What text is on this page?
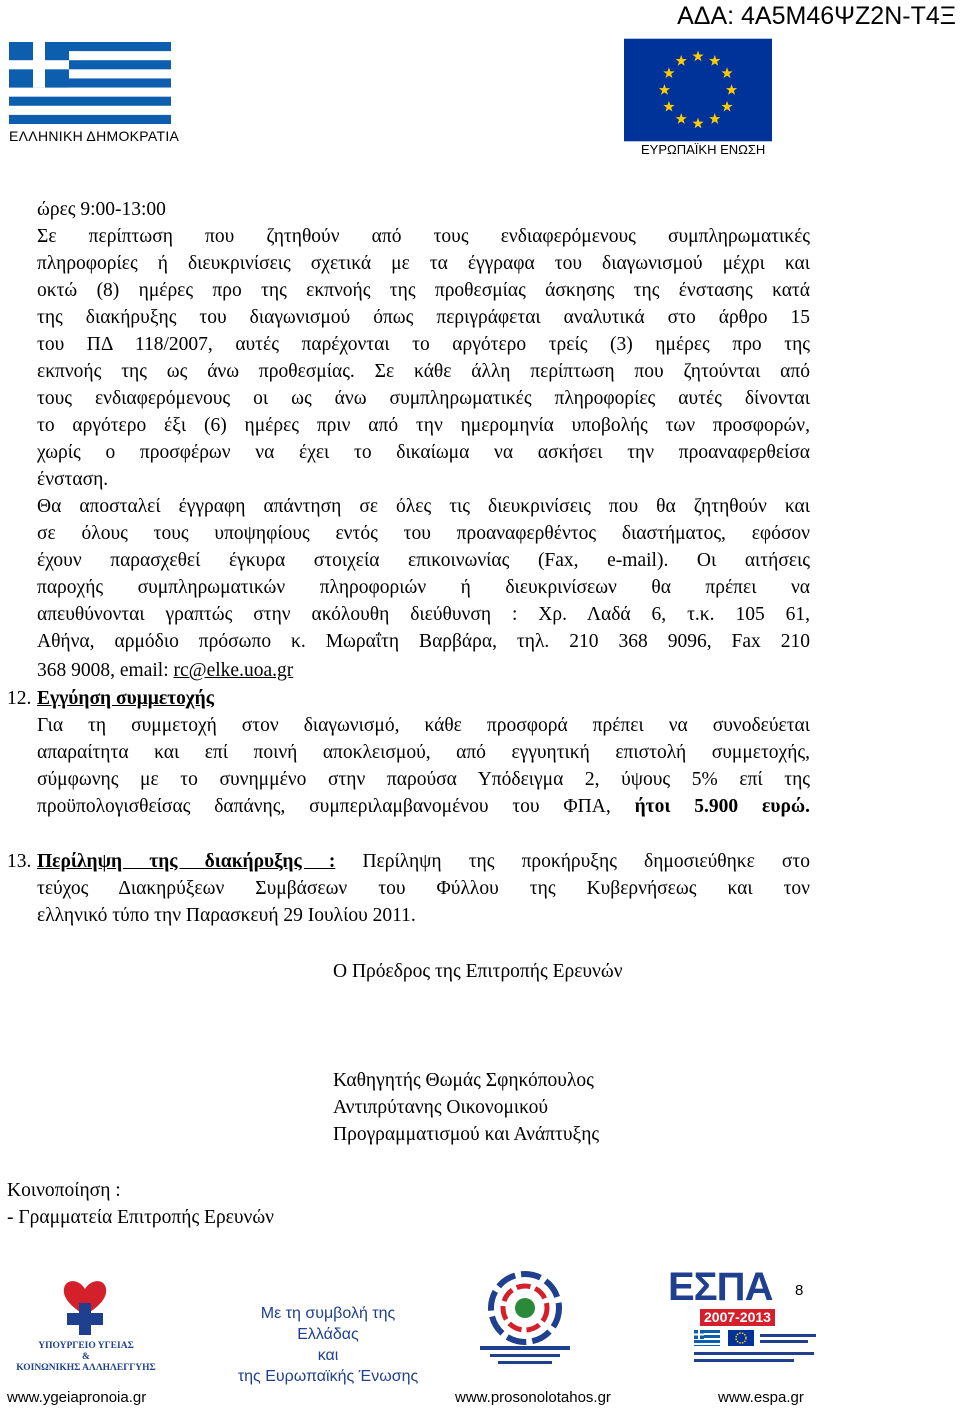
ΑΔΑ: 4Α5Μ46ΨΖ2Ν-Τ4Ξ
ΕΛΛΗΝΙΚΗ ΔΗΜΟΚΡΑΤΙΑ
ΕΥΡΩΠΑΪΚΗ ΕΝΩΣΗ
ώρες 9:00-13:00
Σε περίπτωση που ζητηθούν από τους ενδιαφερόμενους συμπληρωματικές
πληροφορίες ή διευκρινίσεις σχετικά με τα έγγραφα του διαγωνισμού μέχρι και
οκτώ (8) ημέρες προ της εκπνοής της προθεσμίας άσκησης της ένστασης κατά
της διακήρυξης του διαγωνισμού όπως περιγράφεται αναλυτικά στο άρθρο 15
του ΠΔ 118/2007, αυτές παρέχονται το αργότερο τρείς (3) ημέρες προ της
εκπνοής της ως άνω προθεσμίας. Σε κάθε άλλη περίπτωση που ζητούνται από
τους ενδιαφερόμενους οι ως άνω συμπληρωματικές πληροφορίες αυτές δίνονται
το αργότερο έξι (6) ημέρες πριν από την ημερομηνία υποβολής των προσφορών,
χωρίς ο προσφέρων να έχει το δικαίωμα να ασκήσει την προαναφερθείσα
ένσταση.
Θα αποσταλεί έγγραφη απάντηση σε όλες τις διευκρινίσεις που θα ζητηθούν και
σε όλους τους υποψηφίους εντός του προαναφερθέντος διαστήματος, εφόσον
έχουν παρασχεθεί έγκυρα στοιχεία επικοινωνίας (Fax, e-mail). Οι αιτήσεις
παροχής συμπληρωματικών πληροφοριών ή διευκρινίσεων θα πρέπει να
απευθύνονται γραπτώς στην ακόλουθη διεύθυνση : Χρ. Λαδά 6, τ.κ. 105 61,
Αθήνα, αρμόδιο πρόσωπο κ. Μωραΐτη Βαρβάρα, τηλ. 210 368 9096, Fax 210
368 9008, email: rc@elke.uoa.gr
12. Εγγύηση συμμετοχής
Για τη συμμετοχή στον διαγωνισμό, κάθε προσφορά πρέπει να συνοδεύεται
απαραίτητα και επί ποινή αποκλεισμού, από εγγυητική επιστολή συμμετοχής,
σύμφωνης με το συνημμένο στην παρούσα Υπόδειγμα 2, ύψους 5% επί της
προϋπολογισθείσας δαπάνης, συμπεριλαμβανομένου του ΦΠΑ, ήτοι 5.900 ευρώ.
13. Περίληψη της διακήρυξης : Περίληψη της προκήρυξης δημοσιεύθηκε στο
τεύχος Διακηρύξεων Συμβάσεων του Φύλλου της Κυβερνήσεως και τον
ελληνικό τύπο την Παρασκευή 29 Ιουλίου 2011.
Ο Πρόεδρος της Επιτροπής Ερευνών
Καθηγητής Θωμάς Σφηκόπουλος
Αντιπρύτανης Οικονομικού
Προγραμματισμού και Ανάπτυξης
Κοινοποίηση :
- Γραμματεία Επιτροπής Ερευνών
ΥΠΟΥΡΓΕΙΟ ΥΓΕΙΑΣ
&
ΚΟΙΝΩΝΙΚΗΣ ΑΛΛΗΛΕΓΓΥΗΣ
Με τη συμβολή της
Ελλάδας
και
της Ευρωπαϊκής Ένωσης
ΕΣΠΑ
2007-2013
8
www.ygeiapronoia.gr	www.prosonolotahos.gr	www.espa.gr
